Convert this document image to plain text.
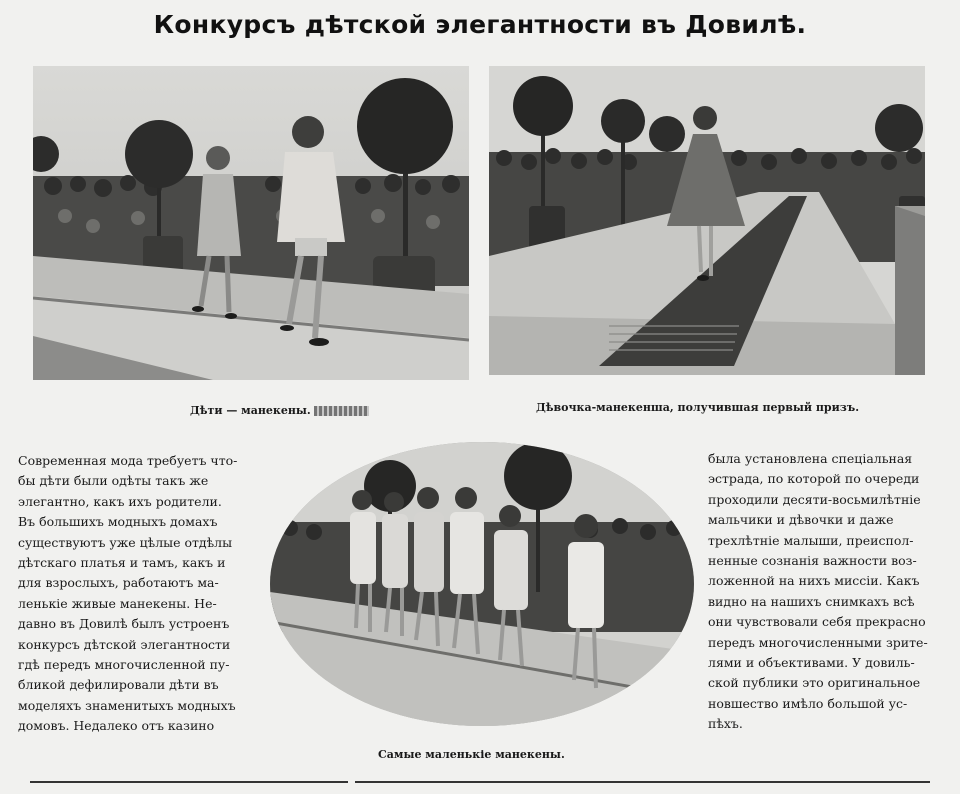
Конкурсъ дѣтской элегантности въ Довилѣ.
Дѣти — манекены.	Дѣвочка-манекенша, получившая первый призъ.
Самые маленькіе манекены.
Современная мода требуетъ что-
бы дѣти были одѣты такъ же
элегантно, какъ ихъ родители.
Въ большихъ модныхъ домахъ
существуютъ уже цѣлые отдѣлы
дѣтскаго платья и тамъ, какъ и
для взрослыхъ, работаютъ ма-
ленькіе живые манекены. Не-
давно въ Довилѣ былъ устроенъ
конкурсъ дѣтской элегантности
гдѣ передъ многочисленной пу-
бликой дефилировали дѣти въ
моделяхъ знаменитыхъ модныхъ
домовъ. Недалеко отъ казино
была установлена спеціальная
эстрада, по которой по очереди
проходили десяти-восьмилѣтніе
мальчики и дѣвочки и даже
трехлѣтніе малыши, преиспол-
ненные сознанія важности воз-
ложенной на нихъ миссіи. Какъ
видно на нашихъ снимкахъ всѣ
они чувствовали себя прекрасно
передъ многочисленными зрите-
лями и объективами. У довиль-
ской публики это оригинальное
новшество имѣло большой ус-
пѣхъ.
